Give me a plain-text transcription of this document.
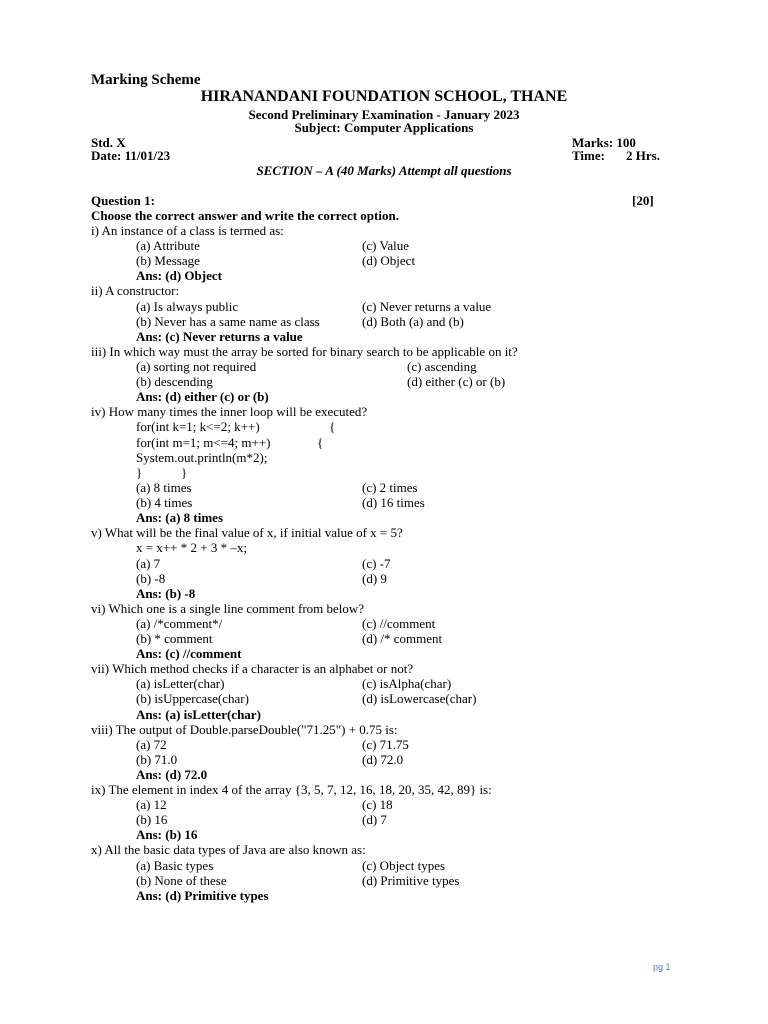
Marking Scheme
HIRANANDANI FOUNDATION SCHOOL, THANE
Second Preliminary Examination - January 2023
Subject: Computer Applications
Std. X	Marks: 100
Date: 11/01/23	Time: 2 Hrs.
SECTION – A (40 Marks) Attempt all questions
Question 1:	[20]
Choose the correct answer and write the correct option.
i) An instance of a class is termed as:
(a) Attribute	(c) Value
(b) Message	(d) Object
Ans: (d) Object
ii) A constructor:
(a) Is always public	(c) Never returns a value
(b) Never has a same name as class	(d) Both (a) and (b)
Ans: (c) Never returns a value
iii) In which way must the array be sorted for binary search to be applicable on it?
(a) sorting not required	(c) ascending
(b) descending	(d) either (c) or (b)
Ans: (d) either (c) or (b)
iv) How many times the inner loop will be executed?
for(int k=1; k<=2; k++)	{
for(int m=1; m<=4; m++)	{
System.out.println(m*2);
}	}
(a) 8 times	(c) 2 times
(b) 4 times	(d) 16 times
Ans: (a) 8 times
v) What will be the final value of x, if initial value of x = 5?
x = x++ * 2 + 3 * –x;
(a) 7	(c) -7
(b) -8	(d) 9
Ans: (b) -8
vi) Which one is a single line comment from below?
(a) /*comment*/	(c) //comment
(b) * comment	(d) /* comment
Ans: (c) //comment
vii) Which method checks if a character is an alphabet or not?
(a) isLetter(char)	(c) isAlpha(char)
(b) isUppercase(char)	(d) isLowercase(char)
Ans: (a) isLetter(char)
viii) The output of Double.parseDouble("71.25") + 0.75 is:
(a) 72	(c) 71.75
(b) 71.0	(d) 72.0
Ans: (d) 72.0
ix) The element in index 4 of the array {3, 5, 7, 12, 16, 18, 20, 35, 42, 89} is:
(a) 12	(c) 18
(b) 16	(d) 7
Ans: (b) 16
x) All the basic data types of Java are also known as:
(a) Basic types	(c) Object types
(b) None of these	(d) Primitive types
Ans: (d) Primitive types
pg 1
